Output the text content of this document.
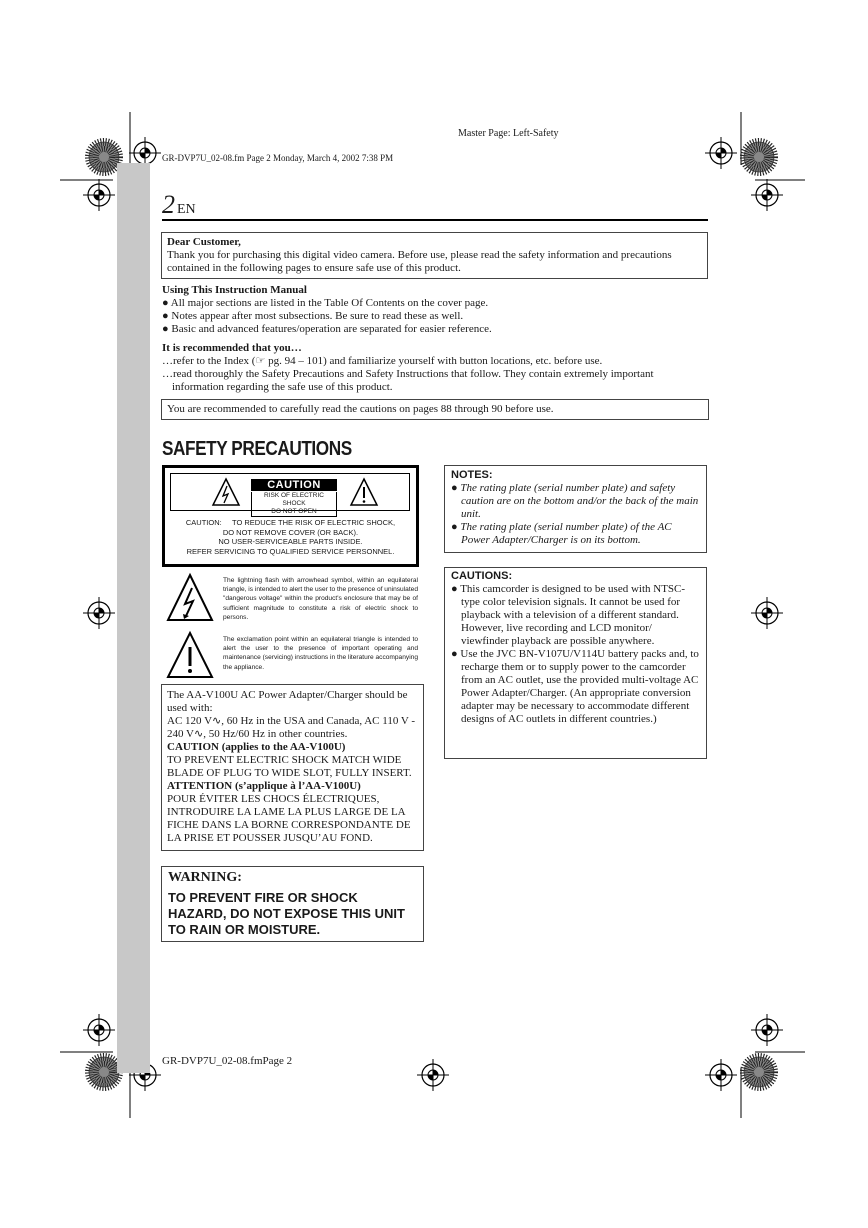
Master Page: Left-Safety
GR-DVP7U_02-08.fm Page 2 Monday, March 4, 2002 7:38 PM
2 EN
Dear Customer,
Thank you for purchasing this digital video camera. Before use, please read the safety information and precautions contained in the following pages to ensure safe use of this product.
Using This Instruction Manual
● All major sections are listed in the Table Of Contents on the cover page.
● Notes appear after most subsections. Be sure to read these as well.
● Basic and advanced features/operation are separated for easier reference.
It is recommended that you…
…refer to the Index (☞ pg. 94 – 101) and familiarize yourself with button locations, etc. before use.
…read thoroughly the Safety Precautions and Safety Instructions that follow. They contain extremely important information regarding the safe use of this product.
You are recommended to carefully read the cautions on pages 88 through 90 before use.
SAFETY PRECAUTIONS
CAUTION
RISK OF ELECTRIC SHOCK
DO NOT OPEN
CAUTION:     TO REDUCE THE RISK OF ELECTRIC SHOCK,
DO NOT REMOVE COVER (OR BACK).
NO USER-SERVICEABLE PARTS INSIDE.
REFER SERVICING TO QUALIFIED SERVICE PERSONNEL.
The lightning flash with arrowhead symbol, within an equilateral triangle, is intended to alert the user to the presence of uninsulated "dangerous voltage" within the product's enclosure that may be of sufficient magnitude to constitute a risk of electric shock to persons.
The exclamation point within an equilateral triangle is intended to alert the user to the presence of important operating and maintenance (servicing) instructions in the literature accompanying the appliance.
The AA-V100U AC Power Adapter/Charger should be used with:
AC 120 V∿, 60 Hz in the USA and Canada, AC 110 V - 240 V∿, 50 Hz/60 Hz in other countries.
CAUTION (applies to the AA-V100U)
TO PREVENT ELECTRIC SHOCK MATCH WIDE BLADE OF PLUG TO WIDE SLOT, FULLY INSERT.
ATTENTION (s’applique à l’AA-V100U)
POUR ÉVITER LES CHOCS ÉLECTRIQUES, INTRODUIRE LA LAME LA PLUS LARGE DE LA FICHE DANS LA BORNE CORRESPONDANTE DE LA PRISE ET POUSSER JUSQU’AU FOND.
WARNING:
TO PREVENT FIRE OR SHOCK HAZARD, DO NOT EXPOSE THIS UNIT TO RAIN OR MOISTURE.
NOTES:
● The rating plate (serial number plate) and safety caution are on the bottom and/or the back of the main unit.
● The rating plate (serial number plate) of the AC Power Adapter/Charger is on its bottom.
CAUTIONS:
● This camcorder is designed to be used with NTSC-type color television signals. It cannot be used for playback with a television of a different standard. However, live recording and LCD monitor/ viewfinder playback are possible anywhere.
● Use the JVC BN-V107U/V114U battery packs and, to recharge them or to supply power to the camcorder from an AC outlet, use the provided multi-voltage AC Power Adapter/Charger. (An appropriate conversion adapter may be necessary to accommodate different designs of AC outlets in different countries.)
GR-DVP7U_02-08.fmPage 2
